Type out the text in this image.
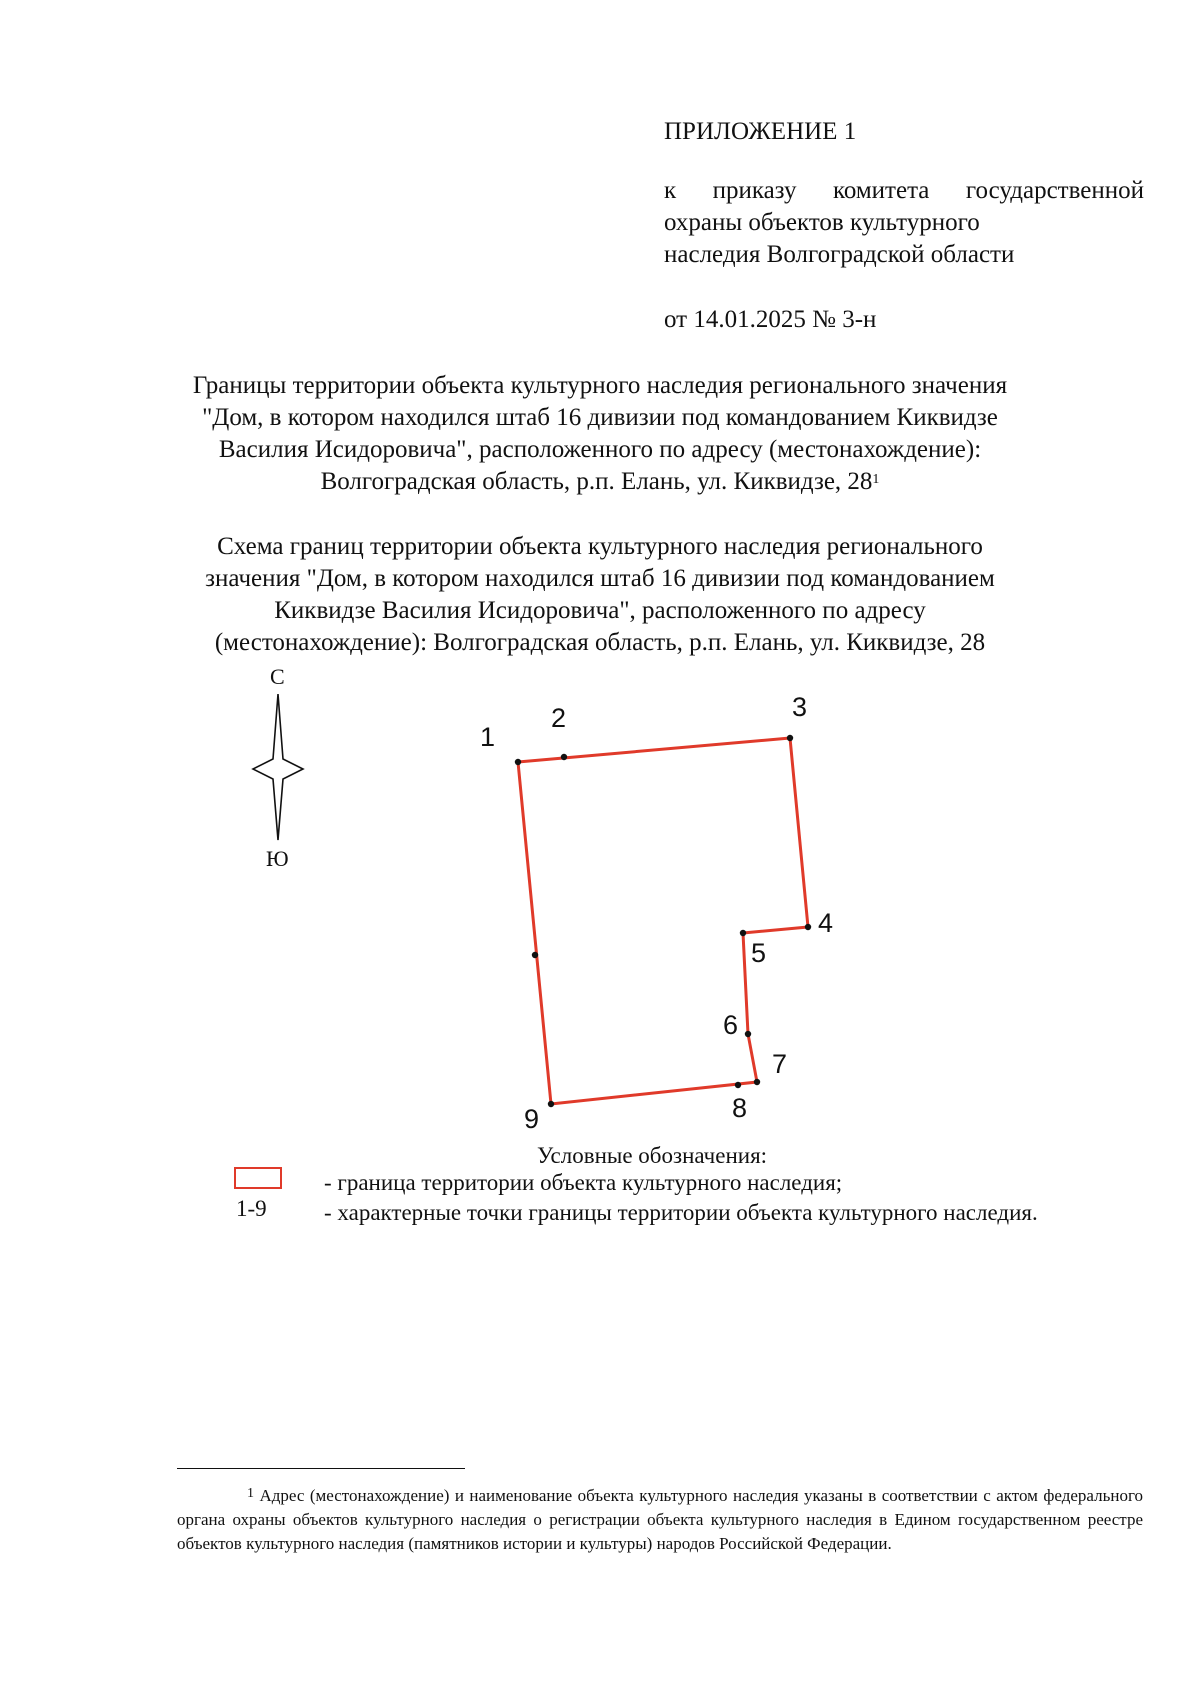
ПРИЛОЖЕНИЕ 1
к приказу комитета государственной
охраны объектов культурного
наследия Волгоградской области
от 14.01.2025 № 3-н
Границы территории объекта культурного наследия регионального значения
"Дом, в котором находился штаб 16 дивизии под командованием Киквидзе
Василия Исидоровича", расположенного по адресу (местонахождение):
Волгоградская область, р.п. Елань, ул. Киквидзе, $28^1$
Схема границ территории объекта культурного наследия регионального
значения "Дом, в котором находился штаб 16 дивизии под командованием
Киквидзе Василия Исидоровича", расположенного по адресу
(местонахождение): Волгоградская область, р.п. Елань, ул. Киквидзе, 28
С
Ю
1
2	3
4
5
6
7
8
9
Условные обозначения:
- граница территории объекта культурного наследия;
1-9 - характерные точки границы территории объекта культурного наследия.
$^1$ Адрес (местонахождение) и наименование объекта культурного наследия указаны в соответствии с актом федерального органа охраны объектов культурного наследия о регистрации объекта культурного наследия в Едином государственном реестре объектов культурного наследия (памятников истории и культуры) народов Российской Федерации.
